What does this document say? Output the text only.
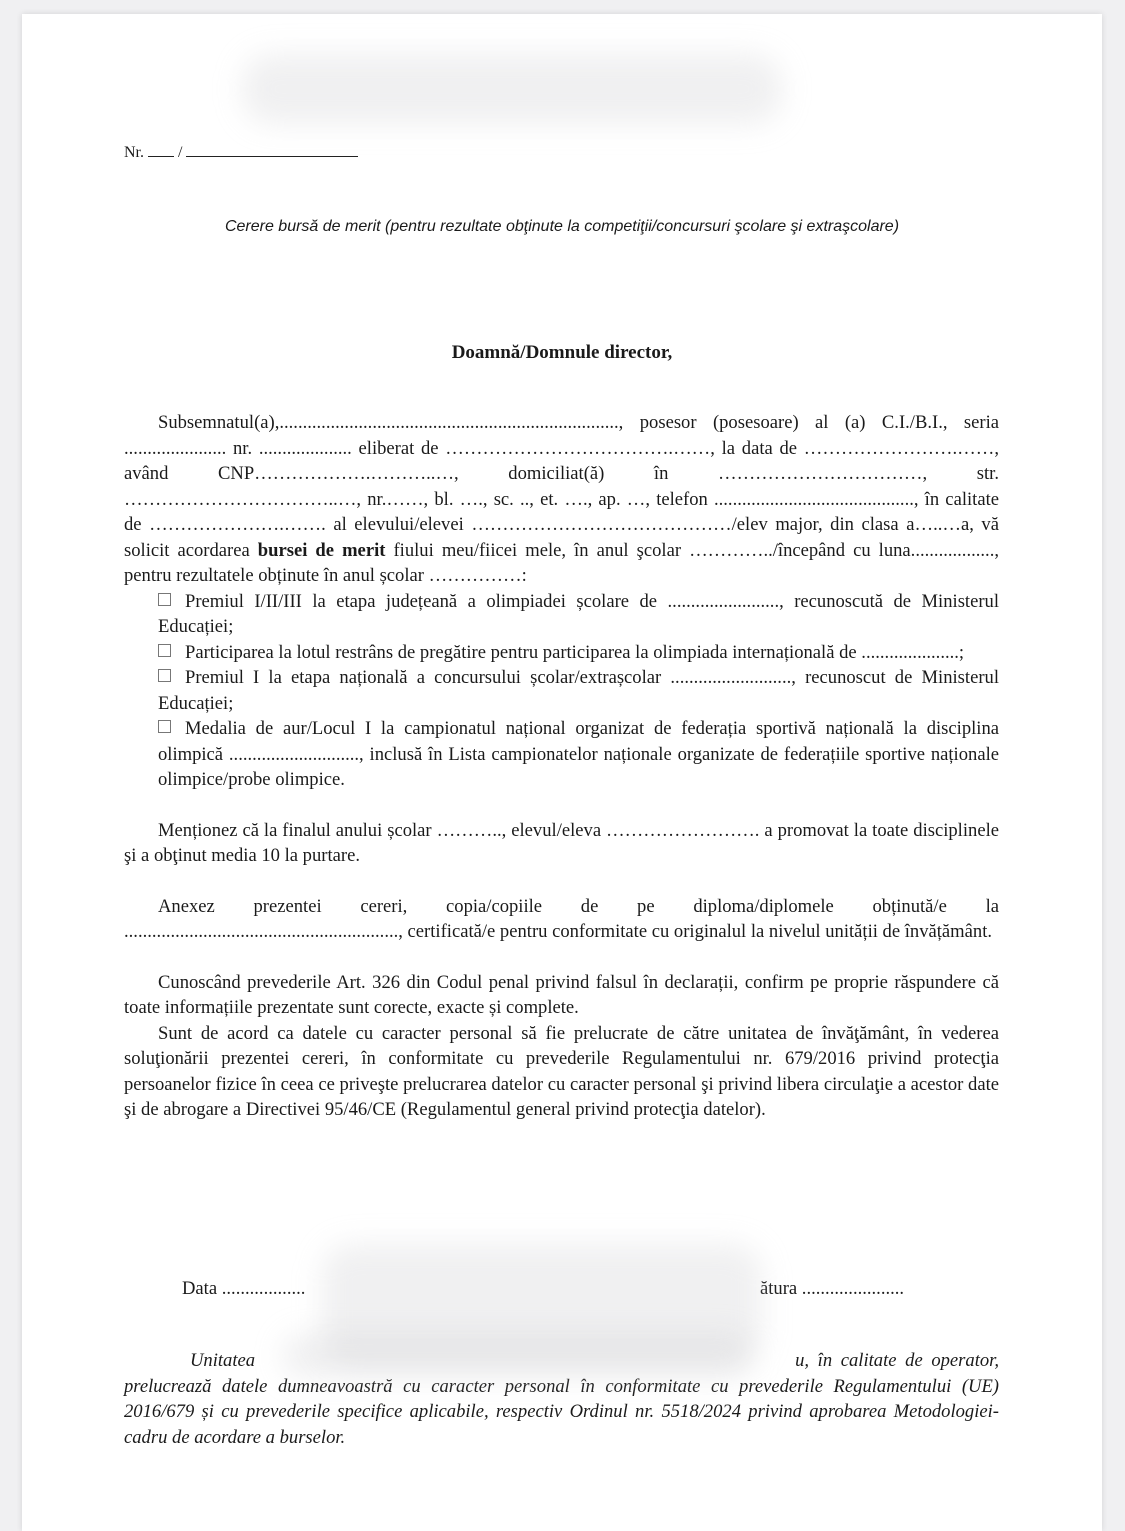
Nr. /
Cerere bursă de merit (pentru rezultate obţinute la competiţii/concursuri şcolare şi extraşcolare)
Doamnă/Domnule director,

Subsemnatul(a),........................................................................., posesor (posesoare) al (a) C.I./B.I., seria ...................... nr. .................... eliberat de ……………………………….……, la data de …………………….……, având CNP……………….………..…, domiciliat(ă) în ……………………………, str. ……………………………..…, nr.……, bl. …., sc. .., et. …., ap. …, telefon ..........................................., în calitate de ………………….……. al elevului/elevei ……………………………………/elev major, din clasa a…..…a, vă solicit acordarea bursei de merit fiului meu/fiicei mele, în anul şcolar …………../începând cu luna.................., pentru rezultatele obținute în anul școlar ……………:

Premiul I/II/III la etapa județeană a olimpiadei școlare de ........................, recunoscută de Ministerul Educației;

Participarea la lotul restrâns de pregătire pentru participarea la olimpiada internațională de .....................;

Premiul I la etapa națională a concursului școlar/extrașcolar .........................., recunoscut de Ministerul Educației;

Medalia de aur/Locul I la campionatul național organizat de federația sportivă națională la disciplina olimpică ............................, inclusă în Lista campionatelor naționale organizate de federațiile sportive naționale olimpice/probe olimpice.

Menționez că la finalul anului școlar ……….., elevul/eleva ……………………. a promovat la toate disciplinele şi a obţinut media 10 la purtare.

Anexez prezentei cereri, copia/copiile de pe diploma/diplomele obținută/e la ..........................................................., certificată/e pentru conformitate cu originalul la nivelul unității de învățământ.

Cunoscând prevederile Art. 326 din Codul penal privind falsul în declarații, confirm pe proprie răspundere că toate informațiile prezentate sunt corecte, exacte și complete.

Sunt de acord ca datele cu caracter personal să fie prelucrate de către unitatea de învăţământ, în vederea soluţionării prezentei cereri, în conformitate cu prevederile Regulamentului nr. 679/2016 privind protecţia persoanelor fizice în ceea ce priveşte prelucrarea datelor cu caracter personal şi privind libera circulaţie a acestor date şi de abrogare a Directivei 95/46/CE (Regulamentul general privind protecţia datelor).

Data ..................	ătura ......................
Unitatea	u, în calitate de operator, prelucrează datele dumneavoastră cu caracter personal în conformitate cu prevederile Regulamentului (UE) 2016/679 și cu prevederile specifice aplicabile, respectiv Ordinul nr. 5518/2024 privind aprobarea Metodologiei-cadru de acordare a burselor.
